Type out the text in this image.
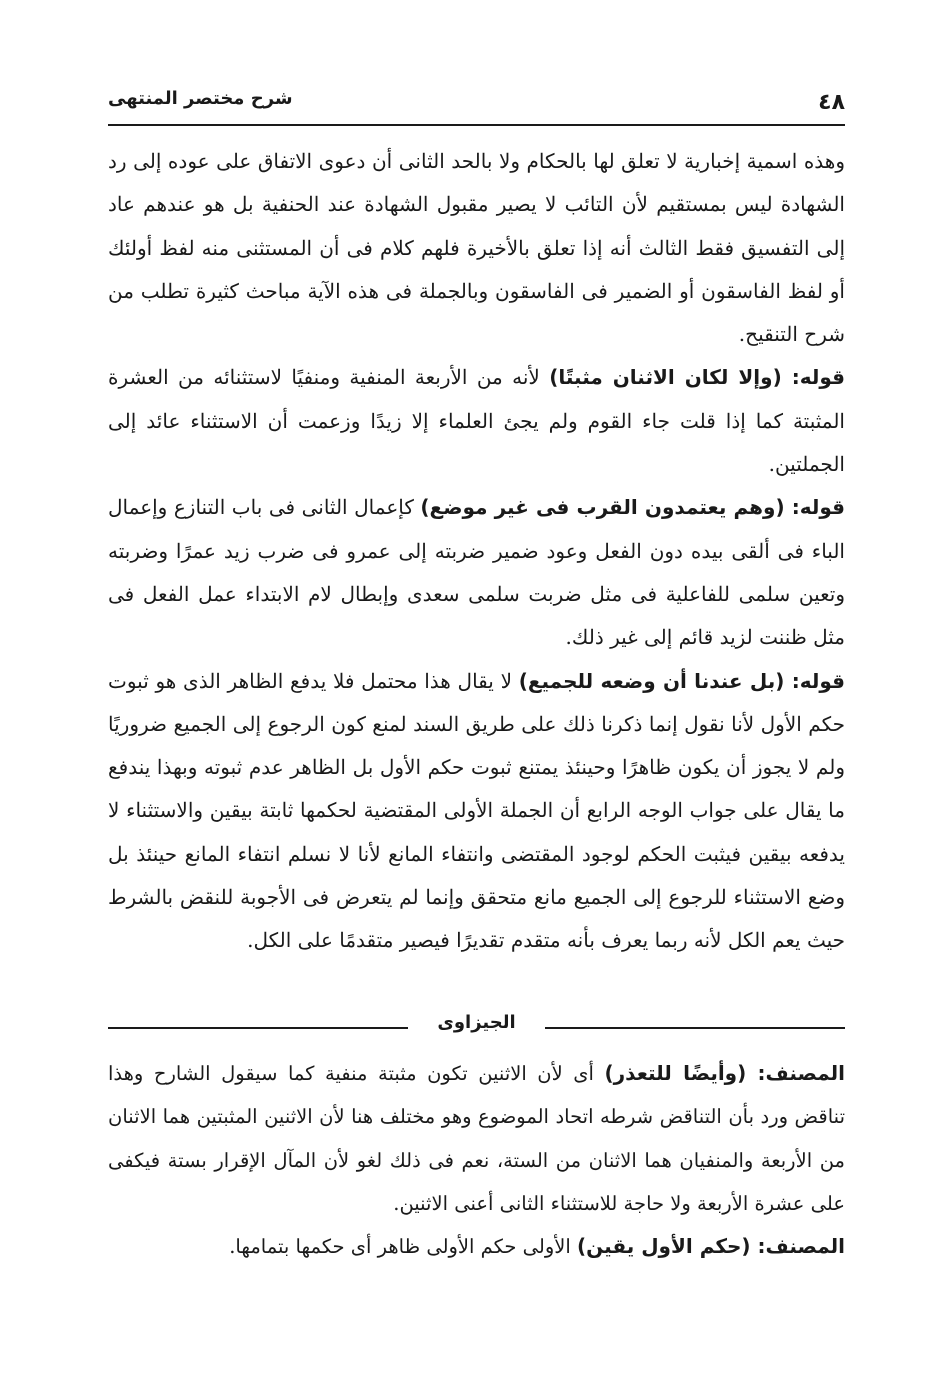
٤٨
شرح مختصر المنتهى

وهذه اسمية إخبارية لا تعلق لها بالحكام ولا بالحد الثانى أن دعوى الاتفاق على عوده إلى رد الشهادة ليس بمستقيم لأن التائب لا يصير مقبول الشهادة عند الحنفية بل هو عندهم عاد إلى التفسيق فقط الثالث أنه إذا تعلق بالأخيرة فلهم كلام فى أن المستثنى منه لفظ أولئك أو لفظ الفاسقون أو الضمير فى الفاسقون وبالجملة فى هذه الآية مباحث كثيرة تطلب من شرح التنقيح.

قوله: (وإلا لكان الاثنان مثبتًا) لأنه من الأربعة المنفية ومنفيًا لاستثنائه من العشرة المثبتة كما إذا قلت جاء القوم ولم يجئ العلماء إلا زيدًا وزعمت أن الاستثناء عائد إلى الجملتين.

قوله: (وهم يعتمدون القرب فى غير موضع) كإعمال الثانى فى باب التنازع وإعمال الباء فى ألقى بيده دون الفعل وعود ضمير ضربته إلى عمرو فى ضرب زيد عمرًا وضربته وتعين سلمى للفاعلية فى مثل ضربت سلمى سعدى وإبطال لام الابتداء عمل الفعل فى مثل ظننت لزيد قائم إلى غير ذلك.

قوله: (بل عندنا أن وضعه للجميع) لا يقال هذا محتمل فلا يدفع الظاهر الذى هو ثبوت حكم الأول لأنا نقول إنما ذكرنا ذلك على طريق السند لمنع كون الرجوع إلى الجميع ضروريًا ولم لا يجوز أن يكون ظاهرًا وحينئذ يمتنع ثبوت حكم الأول بل الظاهر عدم ثبوته وبهذا يندفع ما يقال على جواب الوجه الرابع أن الجملة الأولى المقتضية لحكمها ثابتة بيقين والاستثناء لا يدفعه بيقين فيثبت الحكم لوجود المقتضى وانتفاء المانع لأنا لا نسلم انتفاء المانع حينئذ بل وضع الاستثناء للرجوع إلى الجميع مانع متحقق وإنما لم يتعرض فى الأجوبة للنقض بالشرط حيث يعم الكل لأنه ربما يعرف بأنه متقدم تقديرًا فيصير متقدمًا على الكل.

الجيزاوى

المصنف: (وأيضًا للتعذر) أى لأن الاثنين تكون مثبتة منفية كما سيقول الشارح وهذا تناقض ورد بأن التناقض شرطه اتحاد الموضوع وهو مختلف هنا لأن الاثنين المثبتين هما الاثنان من الأربعة والمنفيان هما الاثنان من الستة، نعم فى ذلك لغو لأن المآل الإقرار بستة فيكفى على عشرة الأربعة ولا حاجة للاستثناء الثانى أعنى الاثنين.

المصنف: (حكم الأول يقين) الأولى حكم الأولى ظاهر أى حكمها بتمامها.
